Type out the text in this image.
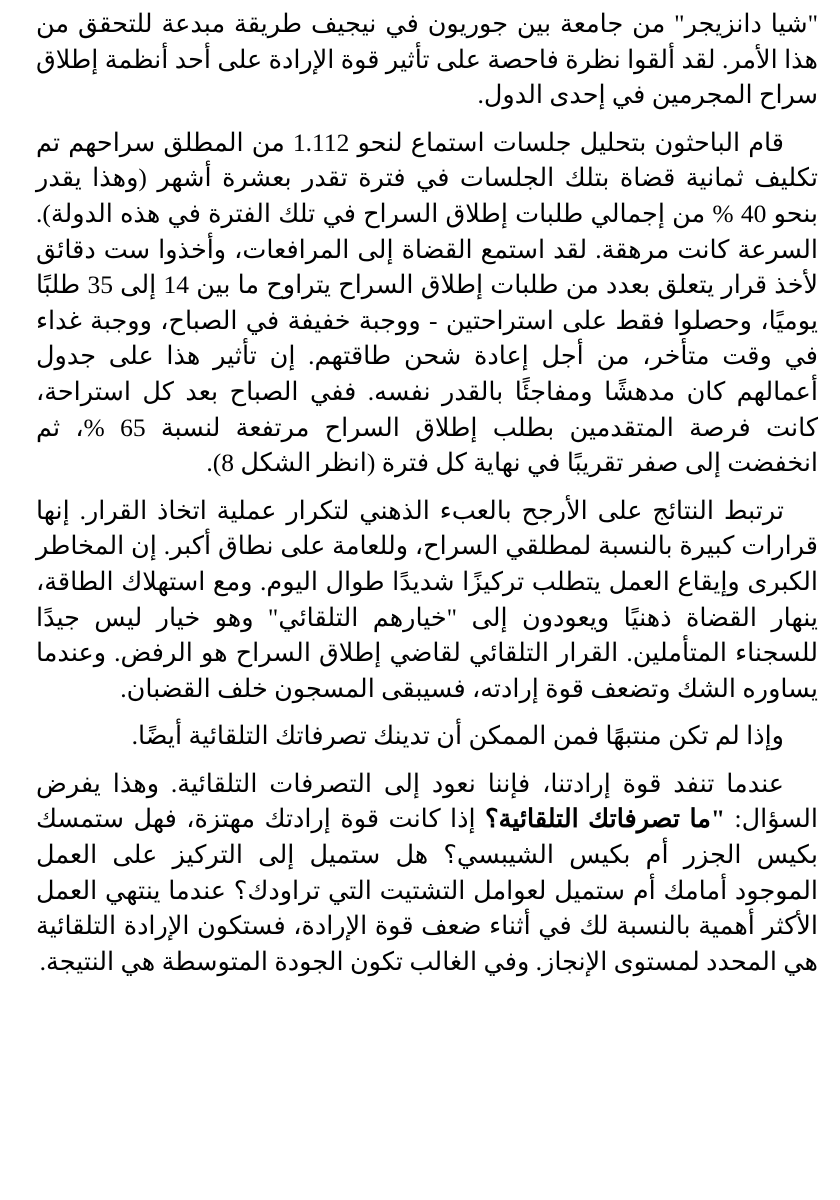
"شيا دانزيجر" من جامعة بين جوريون في نيجيف طريقة مبدعة للتحقق من هذا الأمر. لقد ألقوا نظرة فاحصة على تأثير قوة الإرادة على أحد أنظمة إطلاق سراح المجرمين في إحدى الدول.

قام الباحثون بتحليل جلسات استماع لنحو 1.112 من المطلق سراحهم تم تكليف ثمانية قضاة بتلك الجلسات في فترة تقدر بعشرة أشهر (وهذا يقدر بنحو 40 % من إجمالي طلبات إطلاق السراح في تلك الفترة في هذه الدولة). السرعة كانت مرهقة. لقد استمع القضاة إلى المرافعات، وأخذوا ست دقائق لأخذ قرار يتعلق بعدد من طلبات إطلاق السراح يتراوح ما بين 14 إلى 35 طلبًا يوميًا، وحصلوا فقط على استراحتين - ووجبة خفيفة في الصباح، ووجبة غداء في وقت متأخر، من أجل إعادة شحن طاقتهم. إن تأثير هذا على جدول أعمالهم كان مدهشًا ومفاجئًا بالقدر نفسه. ففي الصباح بعد كل استراحة، كانت فرصة المتقدمين بطلب إطلاق السراح مرتفعة لنسبة 65 %، ثم انخفضت إلى صفر تقريبًا في نهاية كل فترة (انظر الشكل 8).

ترتبط النتائج على الأرجح بالعبء الذهني لتكرار عملية اتخاذ القرار. إنها قرارات كبيرة بالنسبة لمطلقي السراح، وللعامة على نطاق أكبر. إن المخاطر الكبرى وإيقاع العمل يتطلب تركيزًا شديدًا طوال اليوم. ومع استهلاك الطاقة، ينهار القضاة ذهنيًا ويعودون إلى "خيارهم التلقائي" وهو خيار ليس جيدًا للسجناء المتأملين. القرار التلقائي لقاضي إطلاق السراح هو الرفض. وعندما يساوره الشك وتضعف قوة إرادته، فسيبقى المسجون خلف القضبان.

وإذا لم تكن منتبهًا فمن الممكن أن تدينك تصرفاتك التلقائية أيضًا.

عندما تنفد قوة إرادتنا، فإننا نعود إلى التصرفات التلقائية. وهذا يفرض السؤال: "ما تصرفاتك التلقائية؟ إذا كانت قوة إرادتك مهتزة، فهل ستمسك بكيس الجزر أم بكيس الشيبسي؟ هل ستميل إلى التركيز على العمل الموجود أمامك أم ستميل لعوامل التشتيت التي تراودك؟ عندما ينتهي العمل الأكثر أهمية بالنسبة لك في أثناء ضعف قوة الإرادة، فستكون الإرادة التلقائية هي المحدد لمستوى الإنجاز. وفي الغالب تكون الجودة المتوسطة هي النتيجة.
